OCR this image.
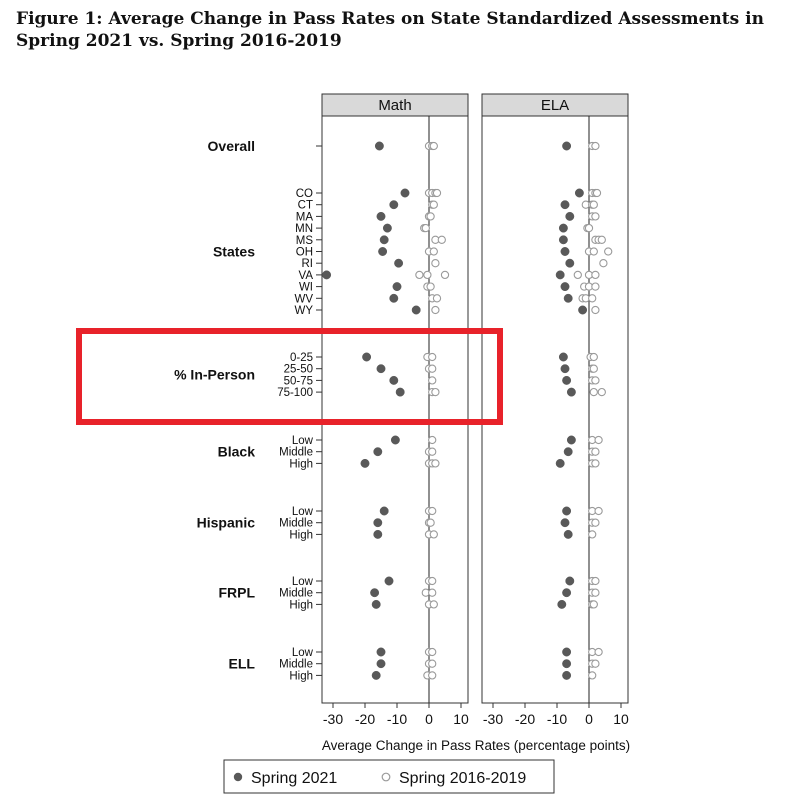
Figure 1: Average Change in Pass Rates on State Standardized Assessments in
Spring 2021 vs. Spring 2016-2019
Math
-30 -20 -10 0 10
ELA
-30 -20 -10 0 10
Overall
States
CO
CT
MA
MN
MS
OH
RI
VA
WI
WV
WY
% In-Person
0-25
25-50
50-75
75-100
Black
Low
Middle
High
Hispanic
Low
Middle
High
FRPL
Low
Middle
High
ELL
Low
Middle
High
Average Change in Pass Rates (percentage points)
Spring 2021	Spring 2016-2019
